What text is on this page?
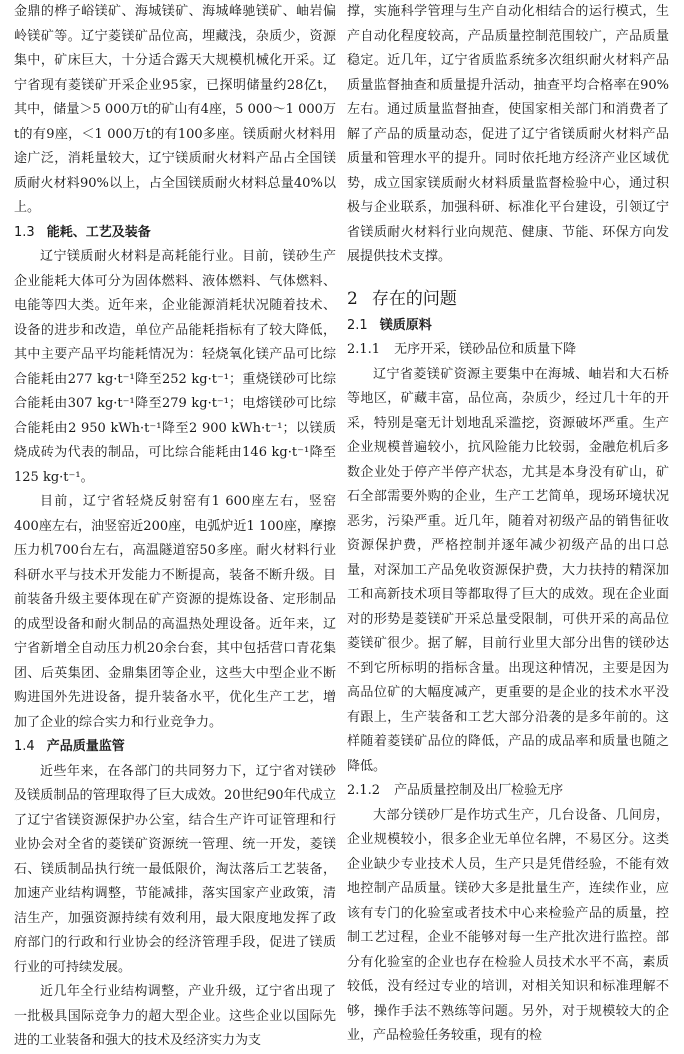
金鼎的桦子峪镁矿、海城镁矿、海城峰驰镁矿、岫岩偏岭镁矿等。辽宁菱镁矿品位高，埋藏浅，杂质少，资源集中，矿床巨大，十分适合露天大规模机械化开采。辽宁省现有菱镁矿开采企业95家，已探明储量约28亿t，其中，储量＞5 000万t的矿山有4座，5 000～1 000万t的有9座，＜1 000万t的有100多座。镁质耐火材料用途广泛，消耗量较大，辽宁镁质耐火材料产品占全国镁质耐火材料90%以上，占全国镁质耐火材料总量40%以上。

1.3 能耗、工艺及装备

辽宁镁质耐火材料是高耗能行业。目前，镁砂生产企业能耗大体可分为固体燃料、液体燃料、气体燃料、电能等四大类。近年来，企业能源消耗状况随着技术、设备的进步和改造，单位产品能耗指标有了较大降低，其中主要产品平均能耗情况为：轻烧氧化镁产品可比综合能耗由277 kg·t⁻¹降至252 kg·t⁻¹；重烧镁砂可比综合能耗由307 kg·t⁻¹降至279 kg·t⁻¹；电熔镁砂可比综合能耗由2 950 kWh·t⁻¹降至2 900 kWh·t⁻¹；以镁质烧成砖为代表的制品，可比综合能耗由146 kg·t⁻¹降至125 kg·t⁻¹。

目前，辽宁省轻烧反射窑有1 600座左右，竖窑400座左右，油竖窑近200座，电弧炉近1 100座，摩擦压力机700台左右，高温隧道窑50多座。耐火材料行业科研水平与技术开发能力不断提高，装备不断升级。目前装备升级主要体现在矿产资源的提炼设备、定形制品的成型设备和耐火制品的高温热处理设备。近年来，辽宁省新增全自动压力机20余台套，其中包括营口青花集团、后英集团、金鼎集团等企业，这些大中型企业不断购进国外先进设备，提升装备水平，优化生产工艺，增加了企业的综合实力和行业竞争力。

1.4 产品质量监管

近些年来，在各部门的共同努力下，辽宁省对镁砂及镁质制品的管理取得了巨大成效。20世纪90年代成立了辽宁省镁资源保护办公室，结合生产许可证管理和行业协会对全省的菱镁矿资源统一管理、统一开发，菱镁石、镁质制品执行统一最低限价，淘汰落后工艺装备，加速产业结构调整，节能减排，落实国家产业政策，清洁生产，加强资源持续有效利用，最大限度地发挥了政府部门的行政和行业协会的经济管理手段，促进了镁质行业的可持续发展。

近几年全行业结构调整，产业升级，辽宁省出现了一批极具国际竞争力的超大型企业。这些企业以国际先进的工业装备和强大的技术及经济实力为支

撑，实施科学管理与生产自动化相结合的运行模式，生产自动化程度较高，产品质量控制范围较广，产品质量稳定。近几年，辽宁省质监系统多次组织耐火材料产品质量监督抽查和质量提升活动，抽查平均合格率在90%左右。通过质量监督抽查，使国家相关部门和消费者了解了产品的质量动态，促进了辽宁省镁质耐火材料产品质量和管理水平的提升。同时依托地方经济产业区域优势，成立国家镁质耐火材料质量监督检验中心，通过积极与企业联系，加强科研、标准化平台建设，引领辽宁省镁质耐火材料行业向规范、健康、节能、环保方向发展提供技术支撑。

2 存在的问题
2.1 镁质原料
2.1.1 无序开采，镁砂品位和质量下降

辽宁省菱镁矿资源主要集中在海城、岫岩和大石桥等地区，矿藏丰富，品位高，杂质少，经过几十年的开采，特别是毫无计划地乱采滥挖，资源破坏严重。生产企业规模普遍较小，抗风险能力比较弱，金融危机后多数企业处于停产半停产状态，尤其是本身没有矿山，矿石全部需要外购的企业，生产工艺简单，现场环境状况恶劣，污染严重。近几年，随着对初级产品的销售征收资源保护费，严格控制并逐年减少初级产品的出口总量，对深加工产品免收资源保护费，大力扶持的精深加工和高新技术项目等都取得了巨大的成效。现在企业面对的形势是菱镁矿开采总量受限制，可供开采的高品位菱镁矿很少。据了解，目前行业里大部分出售的镁砂达不到它所标明的指标含量。出现这种情况，主要是因为高品位矿的大幅度减产，更重要的是企业的技术水平没有跟上，生产装备和工艺大部分沿袭的是多年前的。这样随着菱镁矿品位的降低，产品的成品率和质量也随之降低。

2.1.2 产品质量控制及出厂检验无序

大部分镁砂厂是作坊式生产，几台设备、几间房，企业规模较小，很多企业无单位名牌，不易区分。这类企业缺少专业技术人员，生产只是凭借经验，不能有效地控制产品质量。镁砂大多是批量生产，连续作业，应该有专门的化验室或者技术中心来检验产品的质量，控制工艺过程，企业不能够对每一生产批次进行监控。部分有化验室的企业也存在检验人员技术水平不高，素质较低，没有经过专业的培训，对相关知识和标准理解不够，操作手法不熟练等问题。另外，对于规模较大的企业，产品检验任务较重，现有的检
